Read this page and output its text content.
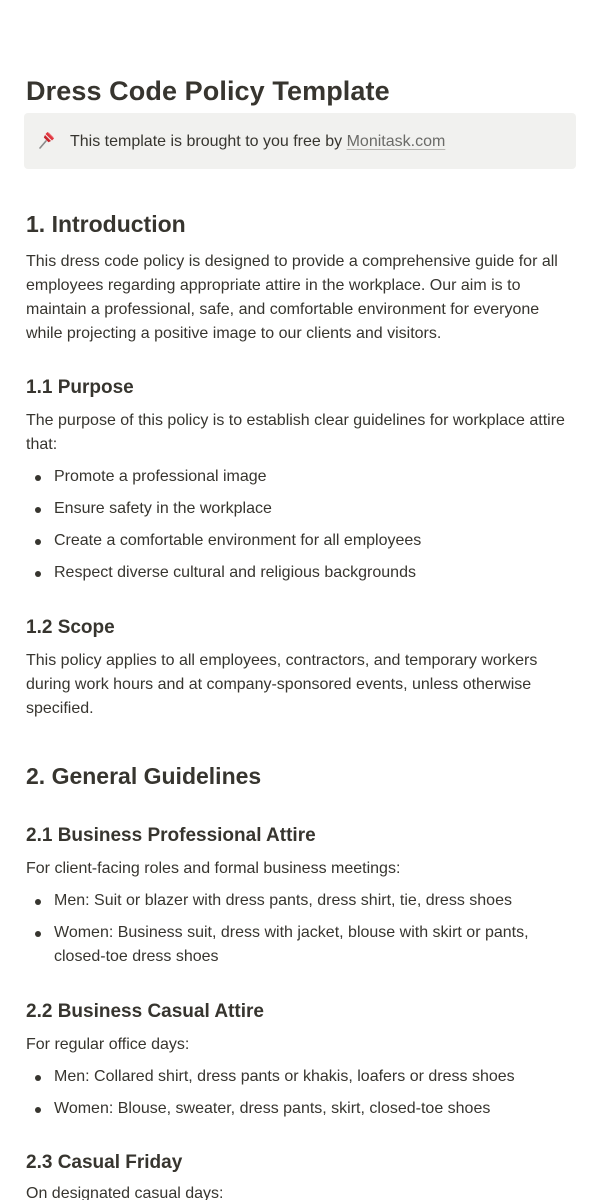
Dress Code Policy Template
This template is brought to you free by Monitask.com
1. Introduction
This dress code policy is designed to provide a comprehensive guide for all employees regarding appropriate attire in the workplace. Our aim is to maintain a professional, safe, and comfortable environment for everyone while projecting a positive image to our clients and visitors.
1.1 Purpose
The purpose of this policy is to establish clear guidelines for workplace attire that:
Promote a professional image
Ensure safety in the workplace
Create a comfortable environment for all employees
Respect diverse cultural and religious backgrounds
1.2 Scope
This policy applies to all employees, contractors, and temporary workers during work hours and at company-sponsored events, unless otherwise specified.
2. General Guidelines
2.1 Business Professional Attire
For client-facing roles and formal business meetings:
Men: Suit or blazer with dress pants, dress shirt, tie, dress shoes
Women: Business suit, dress with jacket, blouse with skirt or pants, closed-toe dress shoes
2.2 Business Casual Attire
For regular office days:
Men: Collared shirt, dress pants or khakis, loafers or dress shoes
Women: Blouse, sweater, dress pants, skirt, closed-toe shoes
2.3 Casual Friday
On designated casual days:
